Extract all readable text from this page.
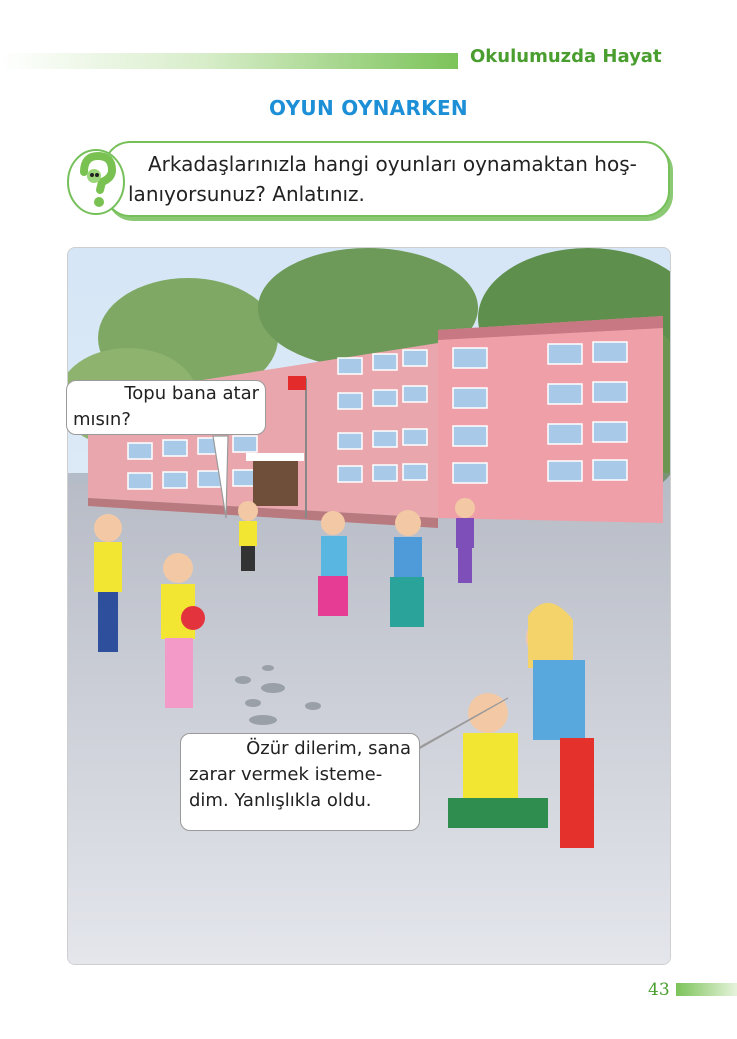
Okulumuzda Hayat
OYUN OYNARKEN
Arkadaşlarınızla hangi oyunları oynamaktan hoş-
lanıyorsunuz? Anlatınız.
Topu bana atar
mısın?
Özür dilerim, sana
zarar vermek isteme-
dim. Yanlışlıkla oldu.
43
